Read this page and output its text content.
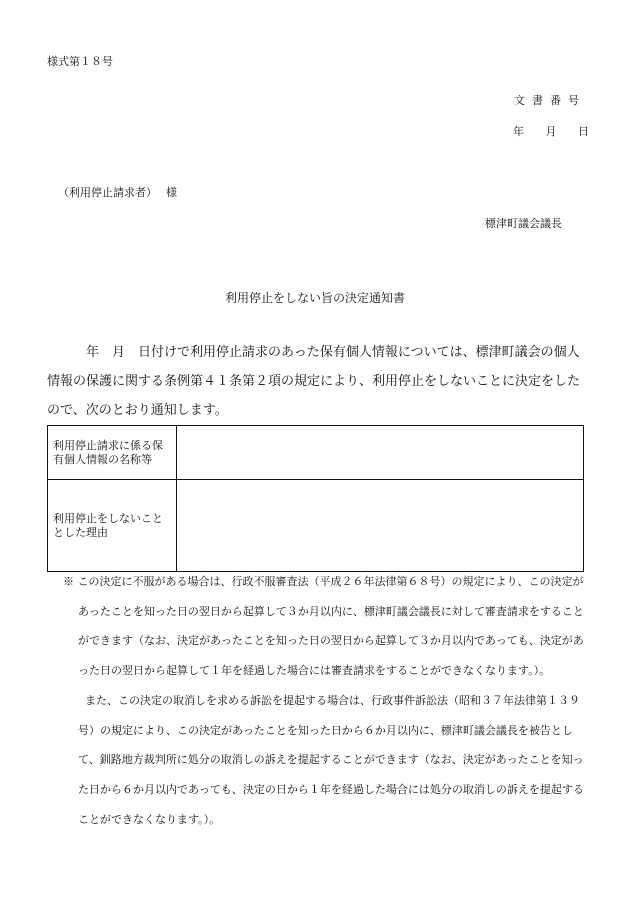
様式第１８号
文書番号
年 月 日
（利用停止請求者）　 様
標津町議会議長
利用停止をしない旨の決定通知書
　　　年　月　日付けで利用停止請求のあった保有個人情報については、標津町議会の個人情報の保護に関する条例第４１条第２項の規定により、利用停止をしないことに決定をしたので、次のとおり通知します。
利用停止請求に係る保有個人情報の名称等	
利用停止をしないこととした理由	

※ この決定に不服がある場合は、行政不服審査法（平成２６年法律第６８号）の規定により、この決定があったことを知った日の翌日から起算して３か月以内に、標津町議会議長に対して審査請求をすることができます（なお、決定があったことを知った日の翌日から起算して３か月以内であっても、決定があった日の翌日から起算して１年を経過した場合には審査請求をすることができなくなります。）。

また、この決定の取消しを求める訴訟を提起する場合は、行政事件訴訟法（昭和３７年法律第１３９号）の規定により、この決定があったことを知った日から６か月以内に、標津町議会議長を被告として、釧路地方裁判所に処分の取消しの訴えを提起することができます（なお、決定があったことを知った日から６か月以内であっても、決定の日から１年を経過した場合には処分の取消しの訴えを提起することができなくなります。）。
